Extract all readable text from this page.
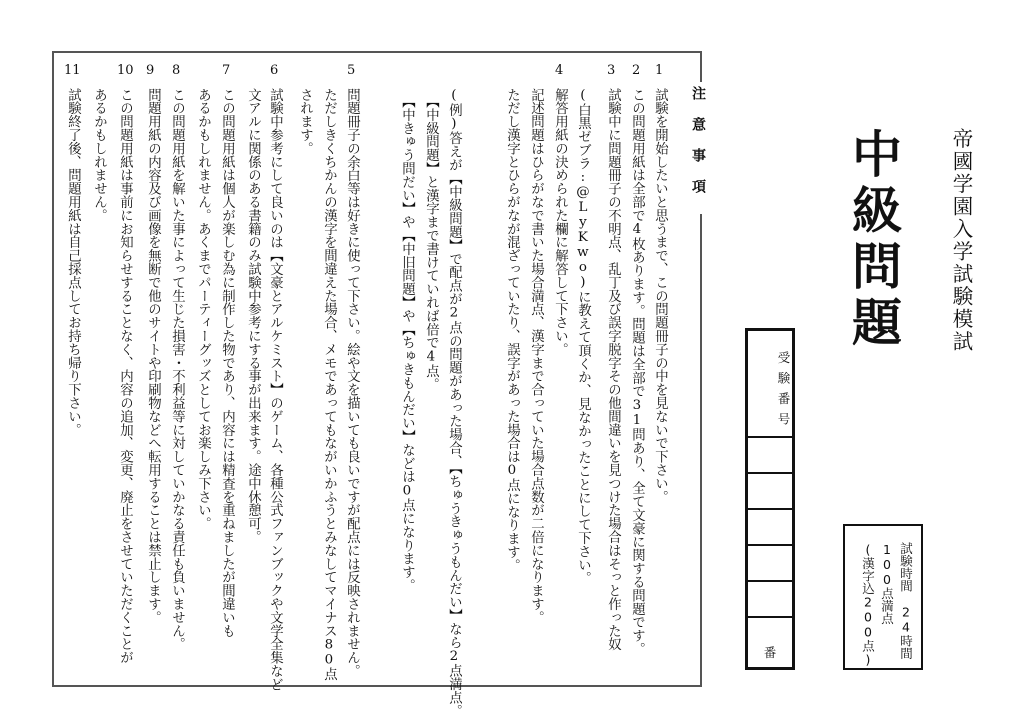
注意事項
1
試験を開始したいと思うまで、この問題冊子の中を見ないで下さい。
2
この問題用紙は全部で4枚あります。問題は全部で31問あり、全て文豪に関する問題です。
3
試験中に問題冊子の不明点、乱丁及び誤字脱字その他間違いを見つけた場合はそっと作った奴
(白黒ゼブラ:@LyKwo)に教えて頂くか、見なかったことにして下さい。
4
解答用紙の決められた欄に解答して下さい。
記述問題はひらがなで書いた場合満点、漢字まで合っていた場合点数が二倍になります。
ただし漢字とひらがなが混ざっていたり、誤字があった場合は0点になります。
(例)答えが【中級問題】で配点が2点の問題があった場合、【ちゅうきゅうもんだい】なら2点満点。
　【中級問題】と漢字まで書けていれば倍で4点。
　【中きゅう問だい】や【中旧問題】や【ちゅきもんだい】などは0点になります。
5
問題冊子の余白等は好きに使って下さい。絵や文を描いても良いですが配点には反映されません。
ただしきくちかんの漢字を間違えた場合、メモであってもながいかふうとみなしてマイナス80点
されます。
6
試験中参考にして良いのは【文豪とアルケミスト】のゲーム、各種公式ファンブックや文学全集など
文アルに関係のある書籍のみ試験中参考にする事が出来ます。途中休憩可。
7
この問題用紙は個人が楽しむ為に制作した物であり、内容には精査を重ねましたが間違いも
あるかもしれません。あくまでパーティーグッズとしてお楽しみ下さい。
8
この問題用紙を解いた事によって生じた損害・不利益等に対していかなる責任も負いません。
9
問題用紙の内容及び画像を無断で他のサイトや印刷物などへ転用することは禁止します。
10
この問題用紙は事前にお知らせすることなく、内容の追加、変更、廃止をさせていただくことが
あるかもしれません。
11
試験終了後、問題用紙は自己採点してお持ち帰り下さい。	帝國学園入学試験模試
中級問題
受験番号
番	試験時間　24時間
100点満点
(漢字込200点)
